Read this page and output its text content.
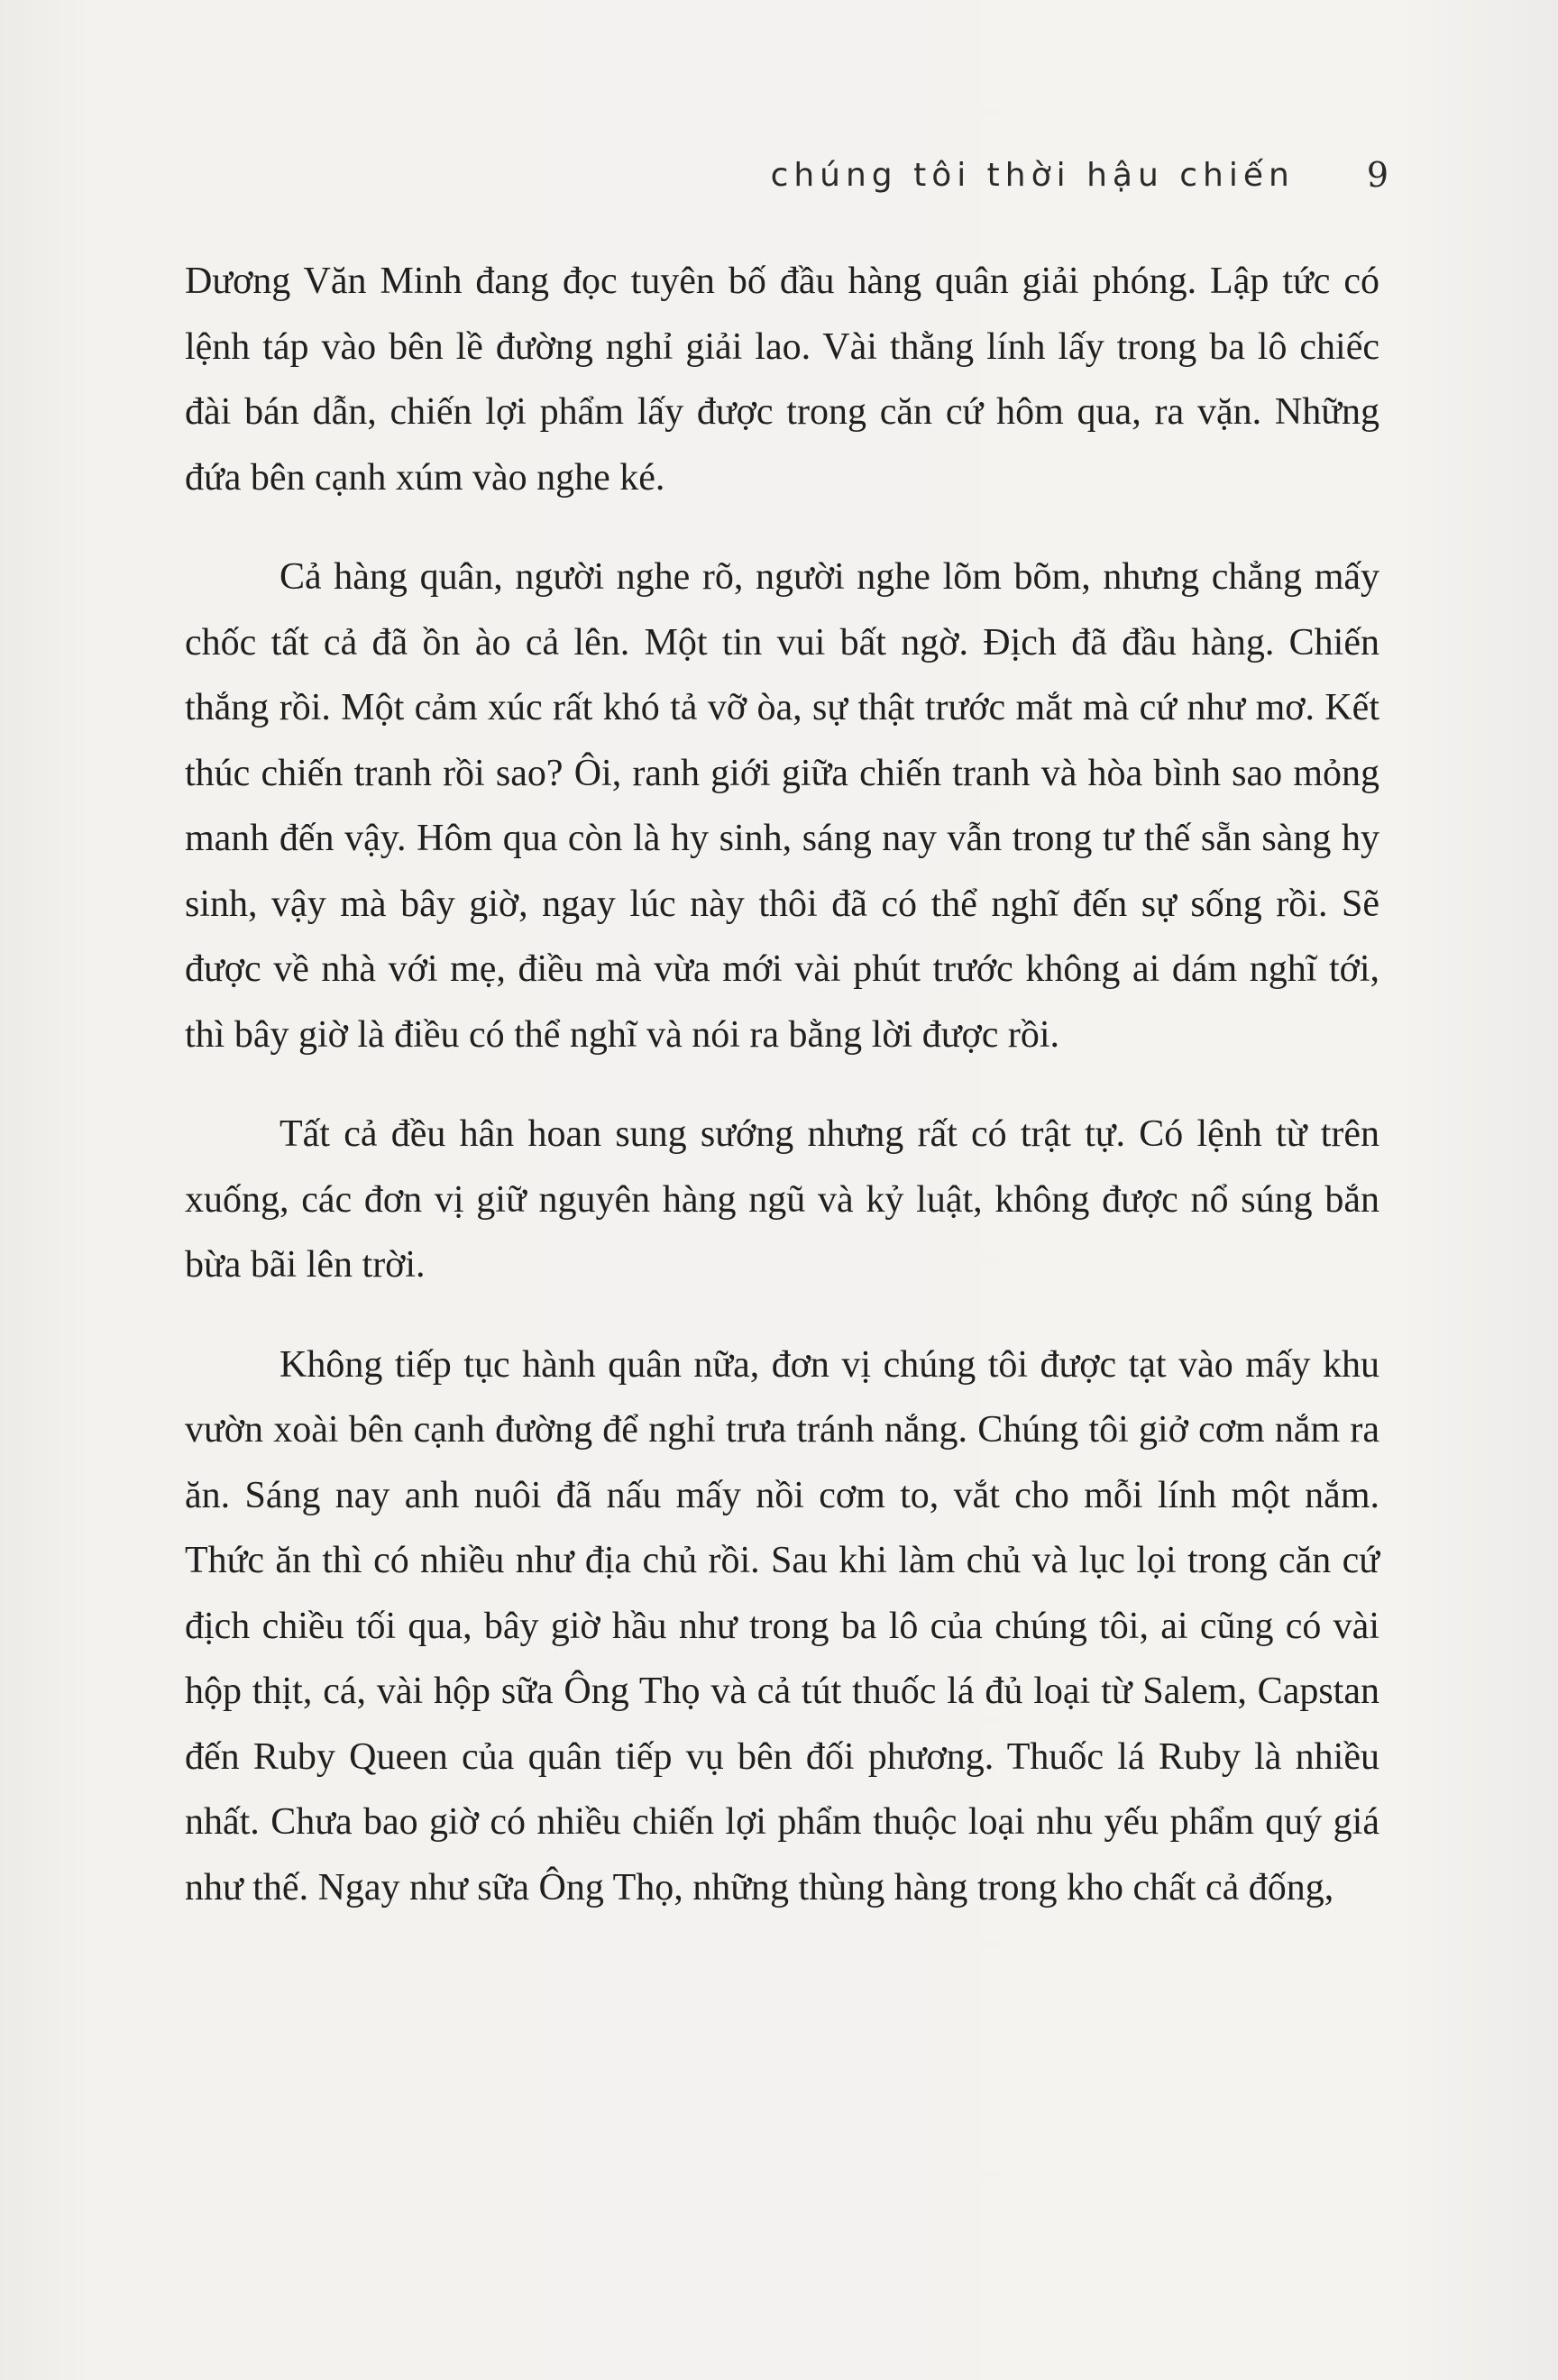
chúng tôi thời hậu chiến 9

Dương Văn Minh đang đọc tuyên bố đầu hàng quân giải phóng. Lập tức có lệnh táp vào bên lề đường nghỉ giải lao. Vài thằng lính lấy trong ba lô chiếc đài bán dẫn, chiến lợi phẩm lấy được trong căn cứ hôm qua, ra vặn. Những đứa bên cạnh xúm vào nghe ké.

Cả hàng quân, người nghe rõ, người nghe lõm bõm, nhưng chẳng mấy chốc tất cả đã ồn ào cả lên. Một tin vui bất ngờ. Địch đã đầu hàng. Chiến thắng rồi. Một cảm xúc rất khó tả vỡ òa, sự thật trước mắt mà cứ như mơ. Kết thúc chiến tranh rồi sao? Ôi, ranh giới giữa chiến tranh và hòa bình sao mỏng manh đến vậy. Hôm qua còn là hy sinh, sáng nay vẫn trong tư thế sẵn sàng hy sinh, vậy mà bây giờ, ngay lúc này thôi đã có thể nghĩ đến sự sống rồi. Sẽ được về nhà với mẹ, điều mà vừa mới vài phút trước không ai dám nghĩ tới, thì bây giờ là điều có thể nghĩ và nói ra bằng lời được rồi.

Tất cả đều hân hoan sung sướng nhưng rất có trật tự. Có lệnh từ trên xuống, các đơn vị giữ nguyên hàng ngũ và kỷ luật, không được nổ súng bắn bừa bãi lên trời.

Không tiếp tục hành quân nữa, đơn vị chúng tôi được tạt vào mấy khu vườn xoài bên cạnh đường để nghỉ trưa tránh nắng. Chúng tôi giở cơm nắm ra ăn. Sáng nay anh nuôi đã nấu mấy nồi cơm to, vắt cho mỗi lính một nắm. Thức ăn thì có nhiều như địa chủ rồi. Sau khi làm chủ và lục lọi trong căn cứ địch chiều tối qua, bây giờ hầu như trong ba lô của chúng tôi, ai cũng có vài hộp thịt, cá, vài hộp sữa Ông Thọ và cả tút thuốc lá đủ loại từ Salem, Capstan đến Ruby Queen của quân tiếp vụ bên đối phương. Thuốc lá Ruby là nhiều nhất. Chưa bao giờ có nhiều chiến lợi phẩm thuộc loại nhu yếu phẩm quý giá như thế. Ngay như sữa Ông Thọ, những thùng hàng trong kho chất cả đống,
